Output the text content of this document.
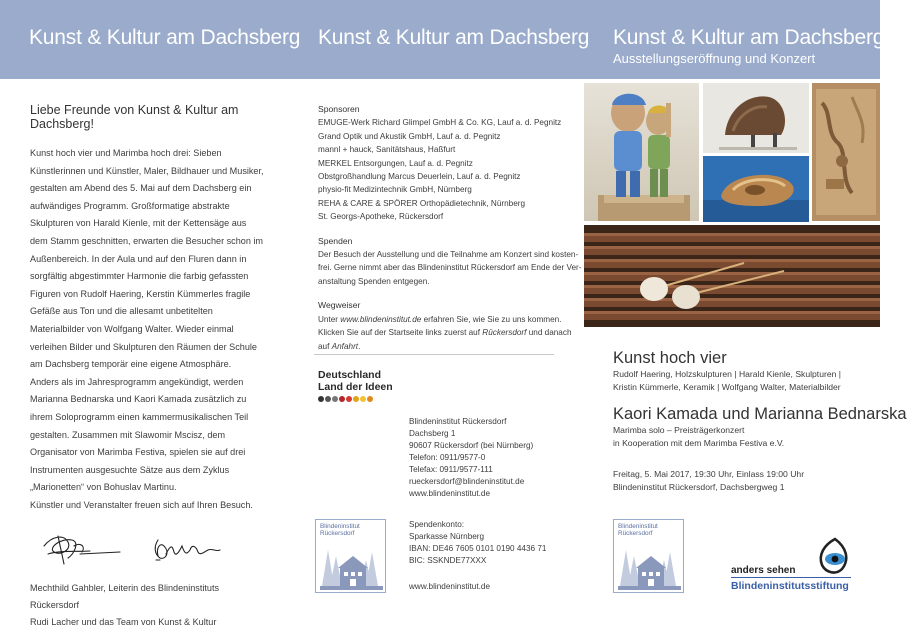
Kunst & Kultur am Dachsberg Kunst & Kultur am Dachsberg Kunst & Kultur am Dachsberg
Ausstellungseröffnung und Konzert
Liebe Freunde von Kunst & Kultur am Dachsberg!

Kunst hoch vier und Marimba hoch drei: Sieben Künstlerinnen und Künstler, Maler, Bildhauer und Musiker, gestalten am Abend des 5. Mai auf dem Dachsberg ein aufwändiges Programm. Großformatige abstrakte Skulpturen von Harald Kienle, mit der Kettensäge aus dem Stamm geschnitten, erwarten die Besucher schon im Außenbereich. In der Aula und auf den Fluren dann in sorgfältig abgestimmter Harmonie die farbig gefassten Figuren von Rudolf Haering, Kerstin Kümmerles fragile Gefäße aus Ton und die allesamt unbetitelten Materialbilder von Wolfgang Walter. Wieder einmal verleihen Bilder und Skulpturen den Räumen der Schule am Dachsberg temporär eine eigene Atmosphäre.

Anders als im Jahresprogramm angekündigt, werden Marianna Bednarska und Kaori Kamada zusätzlich zu ihrem Soloprogramm einen kammermusikalischen Teil gestalten. Zusammen mit Slawomir Mscisz, dem Organisator von Marimba Festiva, spielen sie auf drei Instrumenten ausgesuchte Sätze aus dem Zyklus „Marionetten“ von Bohuslav Martinu.

Künstler und Veranstalter freuen sich auf Ihren Besuch.

Mechthild Gahbler, Leiterin des Blindeninstituts Rückersdorf
Rudi Lacher und das Team von Kunst & Kultur
Sponsoren
EMUGE-Werk Richard Glimpel GmbH & Co. KG, Lauf a. d. Pegnitz
Grand Optik und Akustik GmbH, Lauf a. d. Pegnitz
mannl + hauck, Sanitätshaus, Haßfurt
MERKEL Entsorgungen, Lauf a. d. Pegnitz
Obstgroßhandlung Marcus Deuerlein, Lauf a. d. Pegnitz
physio-fit Medizintechnik GmbH, Nürnberg
REHA & CARE & SPÖRER Orthopädietechnik, Nürnberg
St. Georgs-Apotheke, Rückersdorf
Spenden
Der Besuch der Ausstellung und die Teilnahme am Konzert sind kosten-
frei. Gerne nimmt aber das Blindeninstitut Rückersdorf am Ende der Ver-
anstaltung Spenden entgegen.
Wegweiser
Unter www.blindeninstitut.de erfahren Sie, wie Sie zu uns kommen.
Klicken Sie auf der Startseite links zuerst auf Rückersdorf und danach
auf Anfahrt.
Deutschland
Land der Ideen
Blindeninstitut
Rückersdorf
Blindeninstitut Rückersdorf
Dachsberg 1
90607 Rückersdorf (bei Nürnberg)
Telefon: 0911/9577-0
Telefax: 0911/9577-111
rueckersdorf@blindeninstitut.de
www.blindeninstitut.de
Spendenkonto:
Sparkasse Nürnberg
IBAN: DE46 7605 0101 0190 4436 71
BIC: SSKNDE77XXX
www.blindeninstitut.de
Kunst hoch vier
Rudolf Haering, Holzskulpturen | Harald Kienle, Skulpturen |
Kristin Kümmerle, Keramik | Wolfgang Walter, Materialbilder
Kaori Kamada und Marianna Bednarska
Marimba solo – Preisträgerkonzert
in Kooperation mit dem Marimba Festiva e.V.
Freitag, 5. Mai 2017, 19:30 Uhr, Einlass 19:00 Uhr
Blindeninstitut Rückersdorf, Dachsbergweg 1
Blindeninstitut
Rückersdorf
anders sehen
Blindeninstitutsstiftung
